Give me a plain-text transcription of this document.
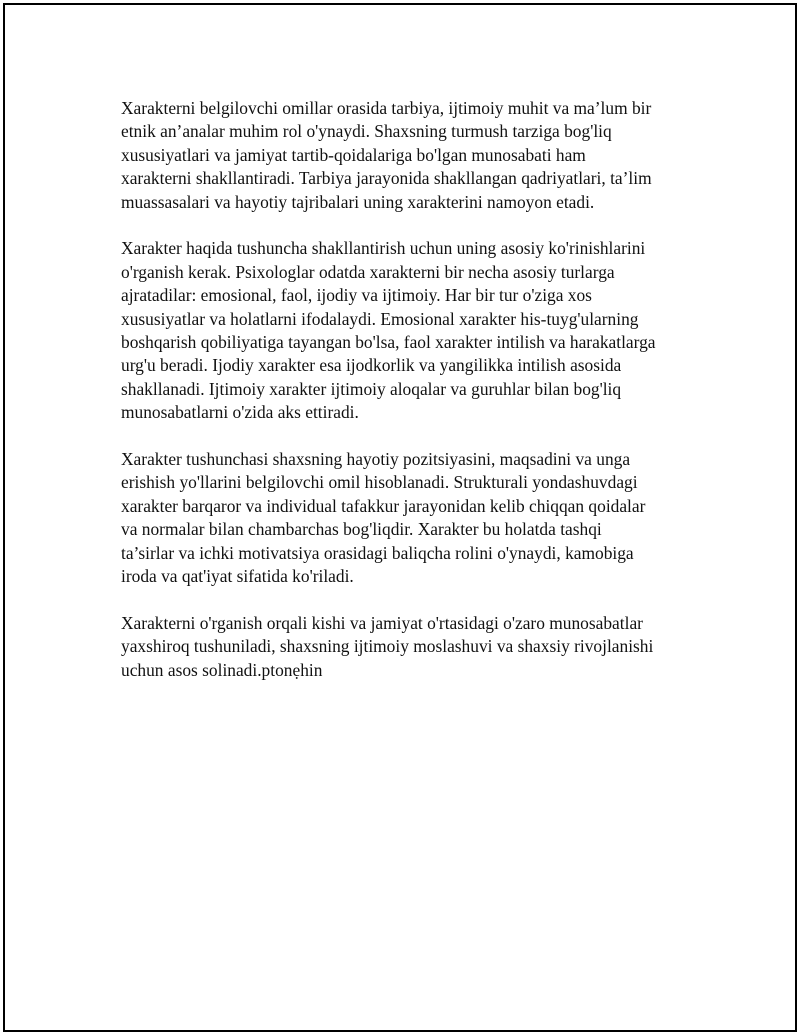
Xarakterni belgilovchi omillar orasida tarbiya, ijtimoiy muhit va ma’lum bir
etnik an’analar muhim rol o'ynaydi. Shaxsning turmush tarziga bog'liq
xususiyatlari va jamiyat tartib-qoidalariga bo'lgan munosabati ham
xarakterni shakllantiradi. Tarbiya jarayonida shakllangan qadriyatlari, ta’lim
muassasalari va hayotiy tajribalari uning xarakterini namoyon etadi.

Xarakter haqida tushuncha shakllantirish uchun uning asosiy ko'rinishlarini
o'rganish kerak. Psixologlar odatda xarakterni bir necha asosiy turlarga
ajratadilar: emosional, faol, ijodiy va ijtimoiy. Har bir tur o'ziga xos
xususiyatlar va holatlarni ifodalaydi. Emosional xarakter his-tuyg'ularning
boshqarish qobiliyatiga tayangan bo'lsa, faol xarakter intilish va harakatlarga
urg'u beradi. Ijodiy xarakter esa ijodkorlik va yangilikka intilish asosida
shakllanadi. Ijtimoiy xarakter ijtimoiy aloqalar va guruhlar bilan bog'liq
munosabatlarni o'zida aks ettiradi.

Xarakter tushunchasi shaxsning hayotiy pozitsiyasini, maqsadini va unga
erishish yo'llarini belgilovchi omil hisoblanadi. Strukturali yondashuvdagi
xarakter barqaror va individual tafakkur jarayonidan kelib chiqqan qoidalar
va normalar bilan chambarchas bog'liqdir. Xarakter bu holatda tashqi
ta’sirlar va ichki motivatsiya orasidagi baliqcha rolini o'ynaydi, kamobiga
iroda va qat'iyat sifatida ko'riladi.

Xarakterni o'rganish orqali kishi va jamiyat o'rtasidagi o'zaro munosabatlar
yaxshiroq tushuniladi, shaxsning ijtimoiy moslashuvi va shaxsiy rivojlanishi
uchun asos solinadi.ptonẹhin
